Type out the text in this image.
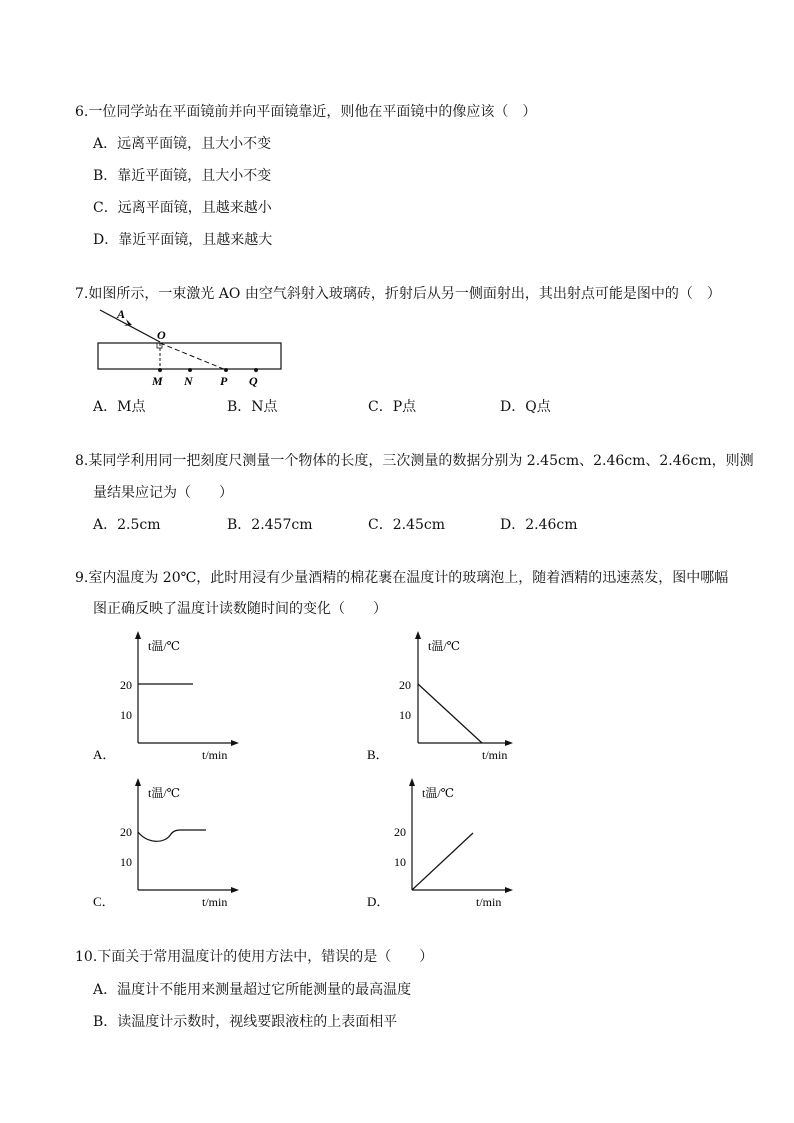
6.一位同学站在平面镜前并向平面镜靠近，则他在平面镜中的像应该（　）
A．远离平面镜，且大小不变
B．靠近平面镜，且大小不变
C．远离平面镜，且越来越小
D．靠近平面镜，且越来越大
7.如图所示，一束激光 AO 由空气斜射入玻璃砖，折射后从另一侧面射出，其出射点可能是图中的（　）
A
O
M N P Q
A．M点	B．N点	C．P点	D．Q点
8.某同学利用同一把刻度尺测量一个物体的长度，三次测量的数据分别为 2.45cm、2.46cm、2.46cm，则测
量结果应记为（　　）
A．2.5cm	B．2.457cm	C．2.45cm	D．2.46cm
9.室内温度为 20℃，此时用浸有少量酒精的棉花裹在温度计的玻璃泡上，随着酒精的迅速蒸发，图中哪幅
图正确反映了温度计读数随时间的变化（　　）
t温/℃
20
10
t/min
A．
t温/℃
20
10
t/min
B．
t温/℃
20
10
t/min
C．
t温/℃
20
10
t/min
D．
10.下面关于常用温度计的使用方法中，错误的是（　　）
A．温度计不能用来测量超过它所能测量的最高温度
B．读温度计示数时，视线要跟液柱的上表面相平
